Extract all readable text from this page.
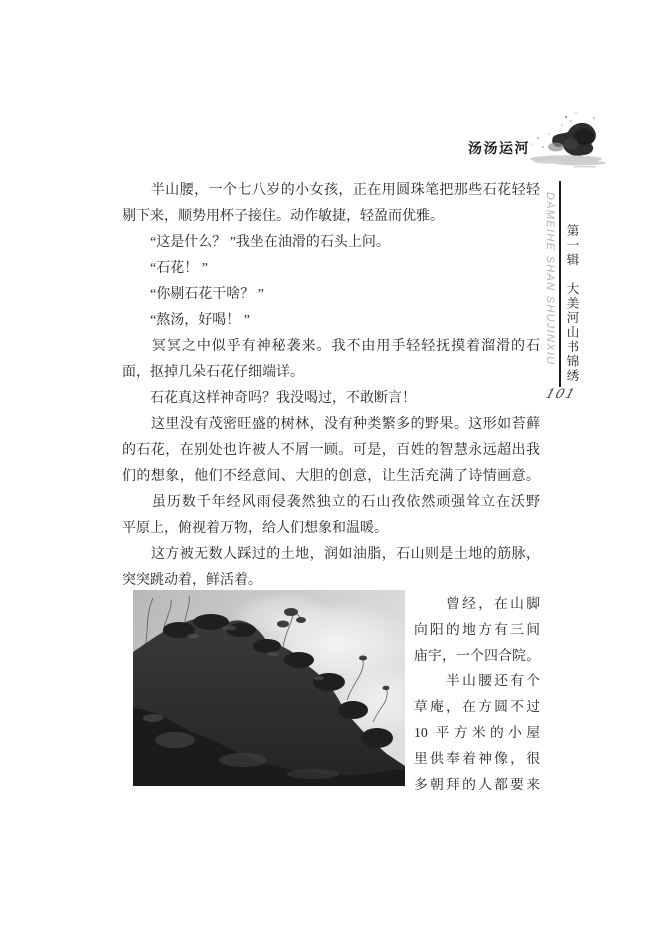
汤汤运河
DAMEIHE SHAN SHUJINXIU 第一辑　大美河山书锦绣
101
　　半山腰，一个七八岁的小女孩，正在用圆珠笔把那些石花轻轻
剔下来，顺势用杯子接住。动作敏捷，轻盈而优雅。
　　“这是什么？ ”我坐在油滑的石头上问。
　　“石花！ ”
　　“你剔石花干啥？ ”
　　“熬汤，好喝！ ”
　　冥冥之中似乎有神秘袭来。我不由用手轻轻抚摸着溜滑的石
面，抠掉几朵石花仔细端详。
　　石花真这样神奇吗？我没喝过，不敢断言！
　　这里没有茂密旺盛的树林，没有种类繁多的野果。这形如苔藓
的石花，在别处也许被人不屑一顾。可是，百姓的智慧永远超出我
们的想象，他们不经意间、大胆的创意，让生活充满了诗情画意。
　　虽历数千年经风雨侵袭然独立的石山孜依然顽强耸立在沃野
平原上，俯视着万物，给人们想象和温暖。
　　这方被无数人踩过的土地，润如油脂，石山则是土地的筋脉，
突突跳动着，鲜活着。
　　曾经，在山脚
向阳的地方有三间
庙宇，一个四合院。
　　半山腰还有个
草庵，在方圆不过
10 平方米的小屋
里供奉着神像，很
多朝拜的人都要来
